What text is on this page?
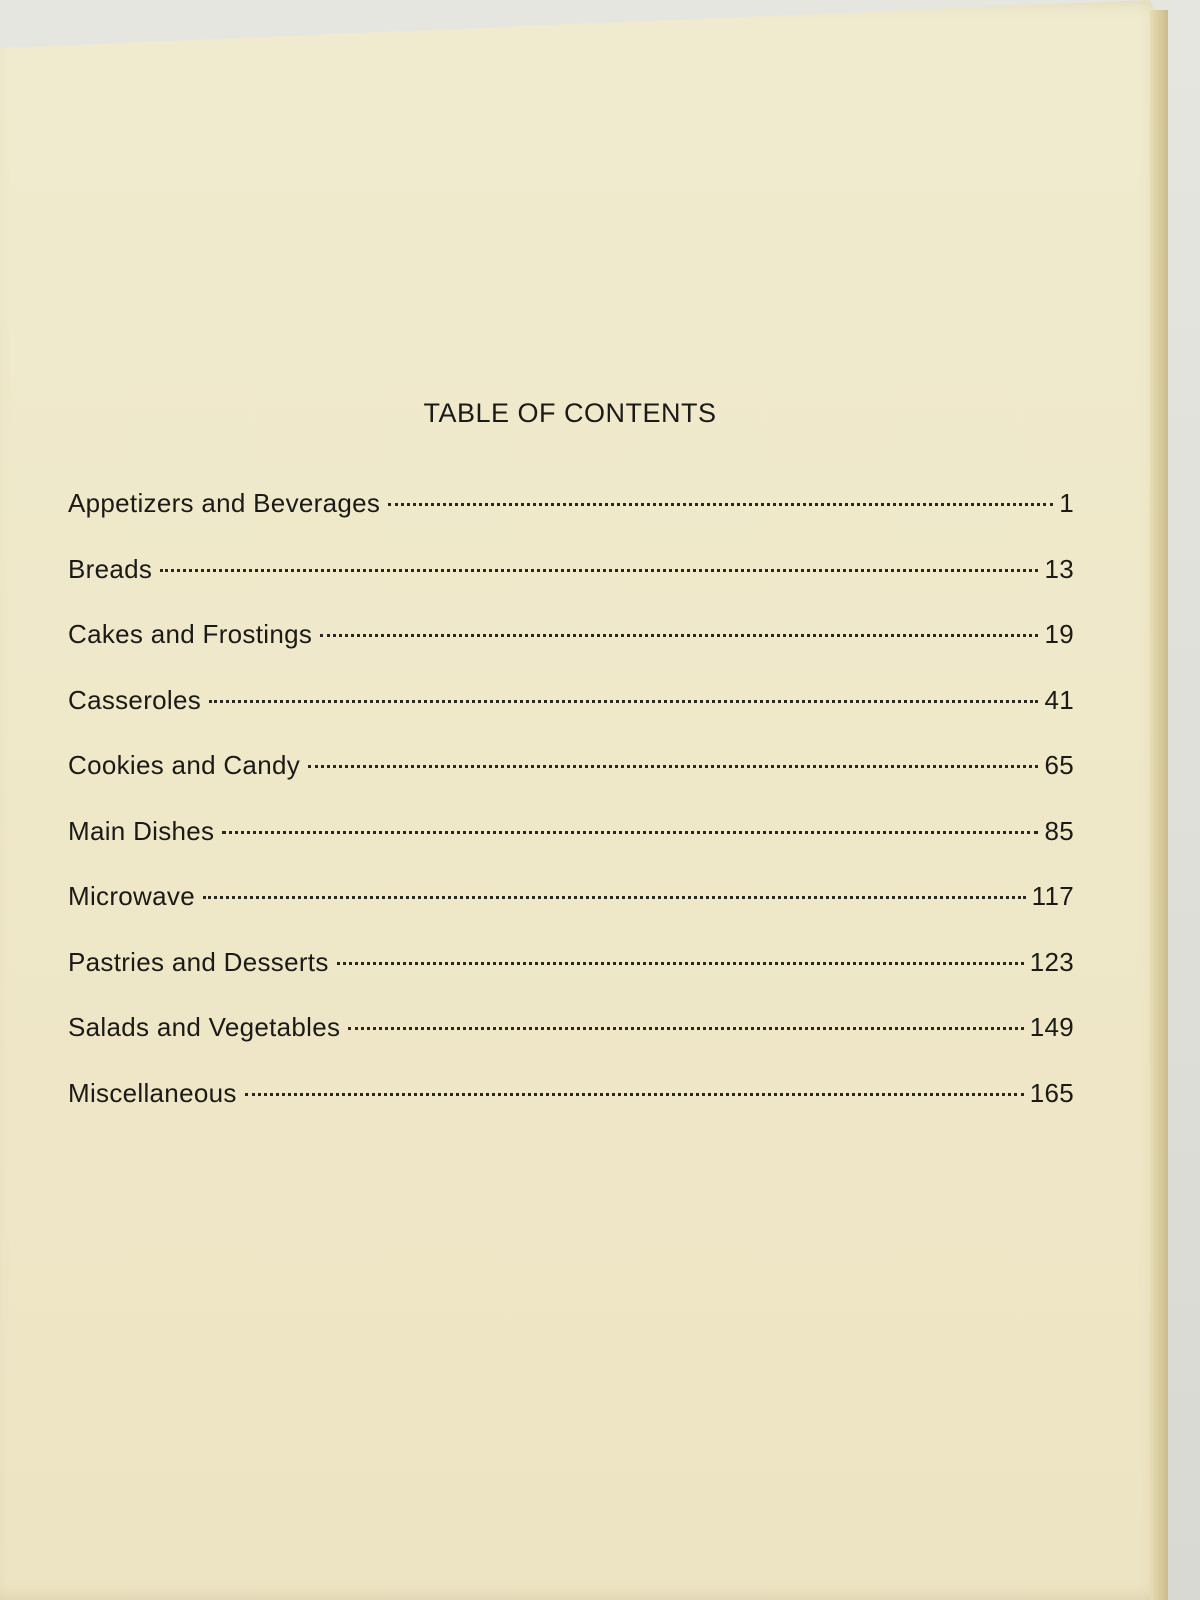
TABLE OF CONTENTS
Appetizers and Beverages	1
Breads	13
Cakes and Frostings	19
Casseroles	41
Cookies and Candy	65
Main Dishes	85
Microwave	117
Pastries and Desserts	123
Salads and Vegetables	149
Miscellaneous	165
